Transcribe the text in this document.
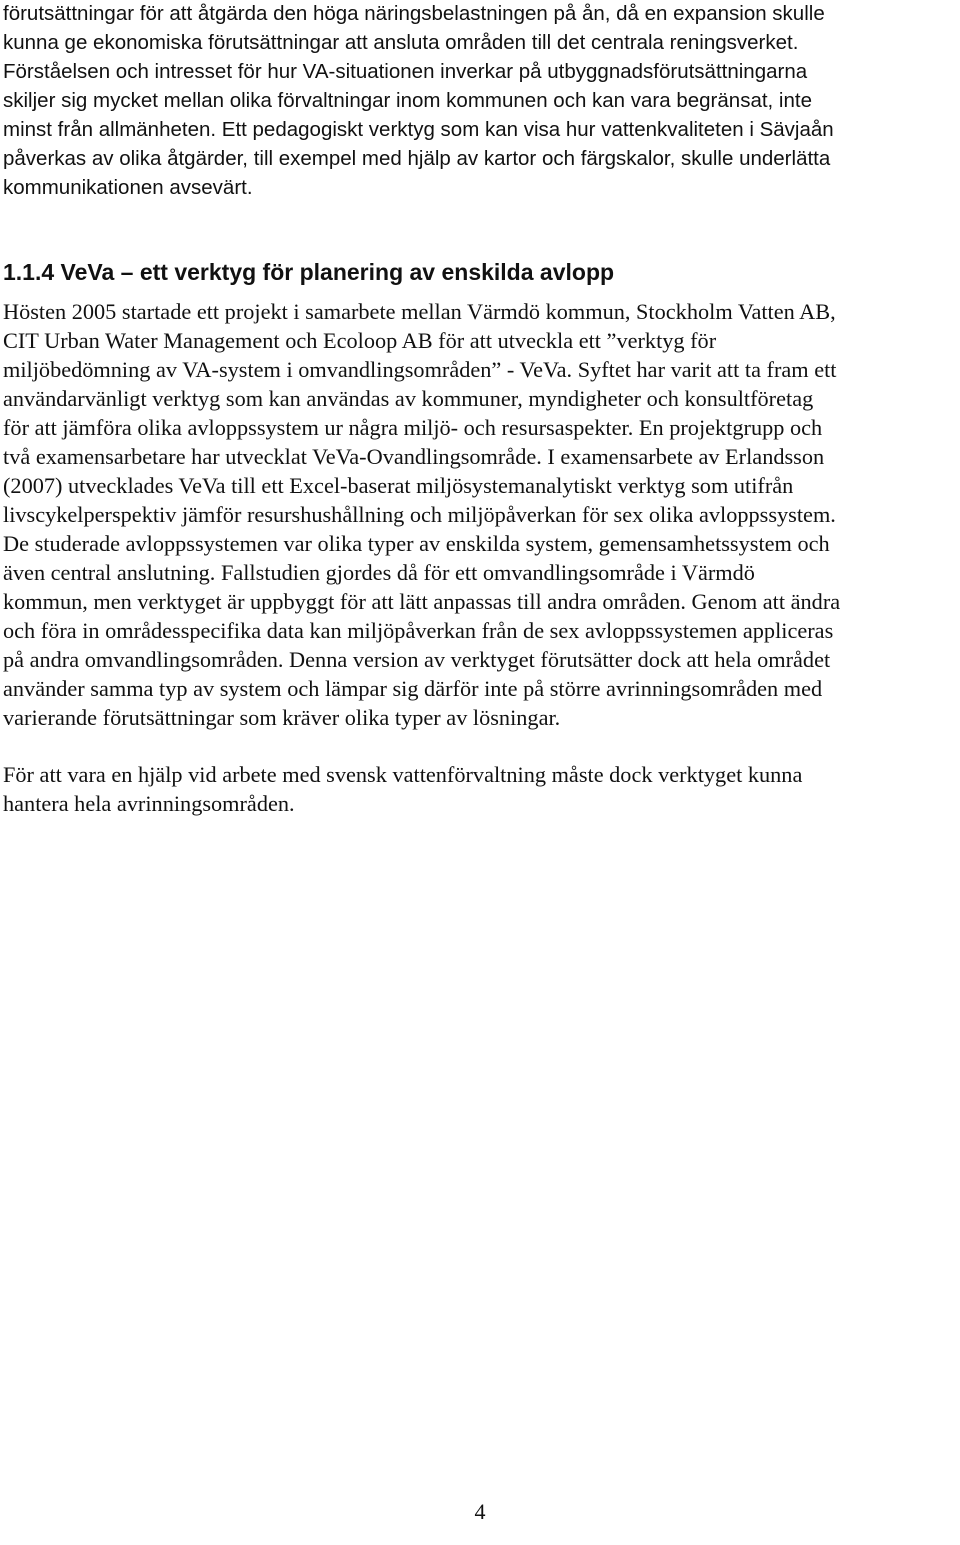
förutsättningar för att åtgärda den höga näringsbelastningen på ån, då en expansion skulle
kunna ge ekonomiska förutsättningar att ansluta områden till det centrala reningsverket.
Förståelsen och intresset för hur VA-situationen inverkar på utbyggnadsförutsättningarna
skiljer sig mycket mellan olika förvaltningar inom kommunen och kan vara begränsat, inte
minst från allmänheten. Ett pedagogiskt verktyg som kan visa hur vattenkvaliteten i Sävjaån
påverkas av olika åtgärder, till exempel med hjälp av kartor och färgskalor, skulle underlätta
kommunikationen avsevärt.

1.1.4 VeVa – ett verktyg för planering av enskilda avlopp

Hösten 2005 startade ett projekt i samarbete mellan Värmdö kommun, Stockholm Vatten AB,
CIT Urban Water Management och Ecoloop AB för att utveckla ett ”verktyg för
miljöbedömning av VA-system i omvandlingsområden” - VeVa. Syftet har varit att ta fram ett
användarvänligt verktyg som kan användas av kommuner, myndigheter och konsultföretag
för att jämföra olika avloppssystem ur några miljö- och resursaspekter. En projektgrupp och
två examensarbetare har utvecklat VeVa-Ovandlingsområde. I examensarbete av Erlandsson
(2007) utvecklades VeVa till ett Excel-baserat miljösystemanalytiskt verktyg som utifrån
livscykelperspektiv jämför resurshushållning och miljöpåverkan för sex olika avloppssystem.
De studerade avloppssystemen var olika typer av enskilda system, gemensamhetssystem och
även central anslutning. Fallstudien gjordes då för ett omvandlingsområde i Värmdö
kommun, men verktyget är uppbyggt för att lätt anpassas till andra områden. Genom att ändra
och föra in områdesspecifika data kan miljöpåverkan från de sex avloppssystemen appliceras
på andra omvandlingsområden. Denna version av verktyget förutsätter dock att hela området
använder samma typ av system och lämpar sig därför inte på större avrinningsområden med
varierande förutsättningar som kräver olika typer av lösningar.

För att vara en hjälp vid arbete med svensk vattenförvaltning måste dock verktyget kunna
hantera hela avrinningsområden.

4
